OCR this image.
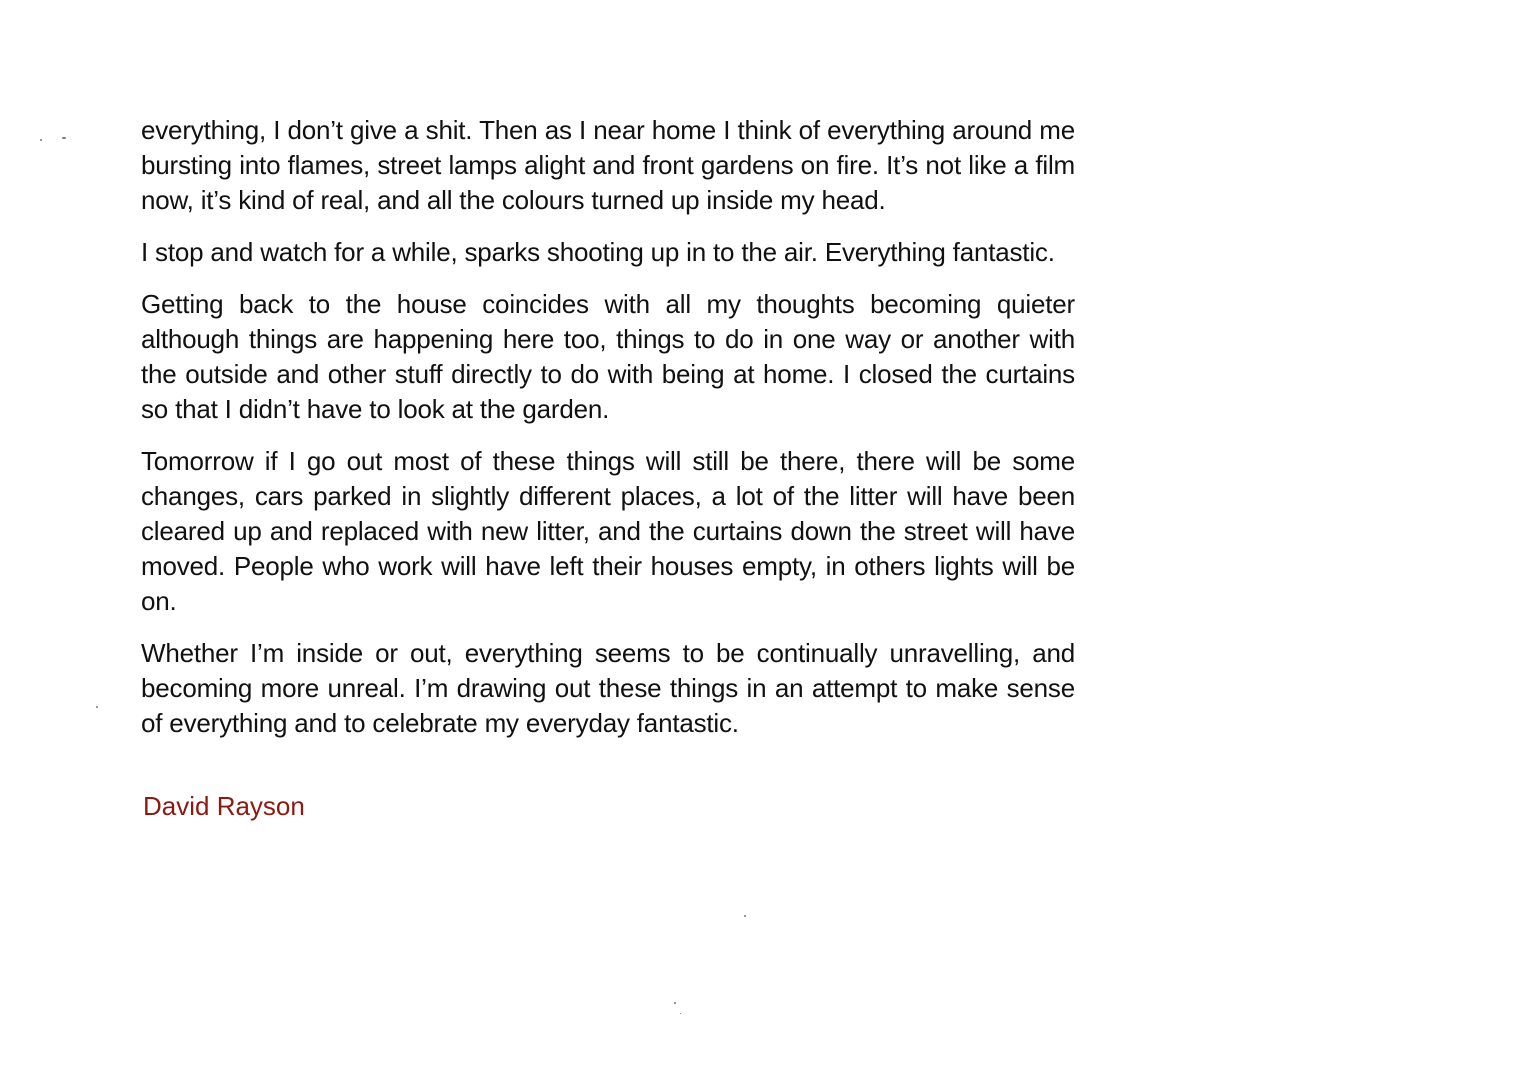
everything, I don’t give a shit. Then as I near home I think of everything around me bursting into flames, street lamps alight and front gardens on fire. It’s not like a film now, it’s kind of real, and all the colours turned up inside my head.

I stop and watch for a while, sparks shooting up in to the air. Everything fantastic.

Getting back to the house coincides with all my thoughts becoming quieter although things are happening here too, things to do in one way or another with the outside and other stuff directly to do with being at home. I closed the curtains so that I didn’t have to look at the garden.

Tomorrow if I go out most of these things will still be there, there will be some changes, cars parked in slightly different places, a lot of the litter will have been cleared up and replaced with new litter, and the curtains down the street will have moved. People who work will have left their houses empty, in others lights will be on.

Whether I’m inside or out, everything seems to be continually unravelling, and becoming more unreal. I’m drawing out these things in an attempt to make sense of everything and to celebrate my everyday fantastic.

David Rayson
